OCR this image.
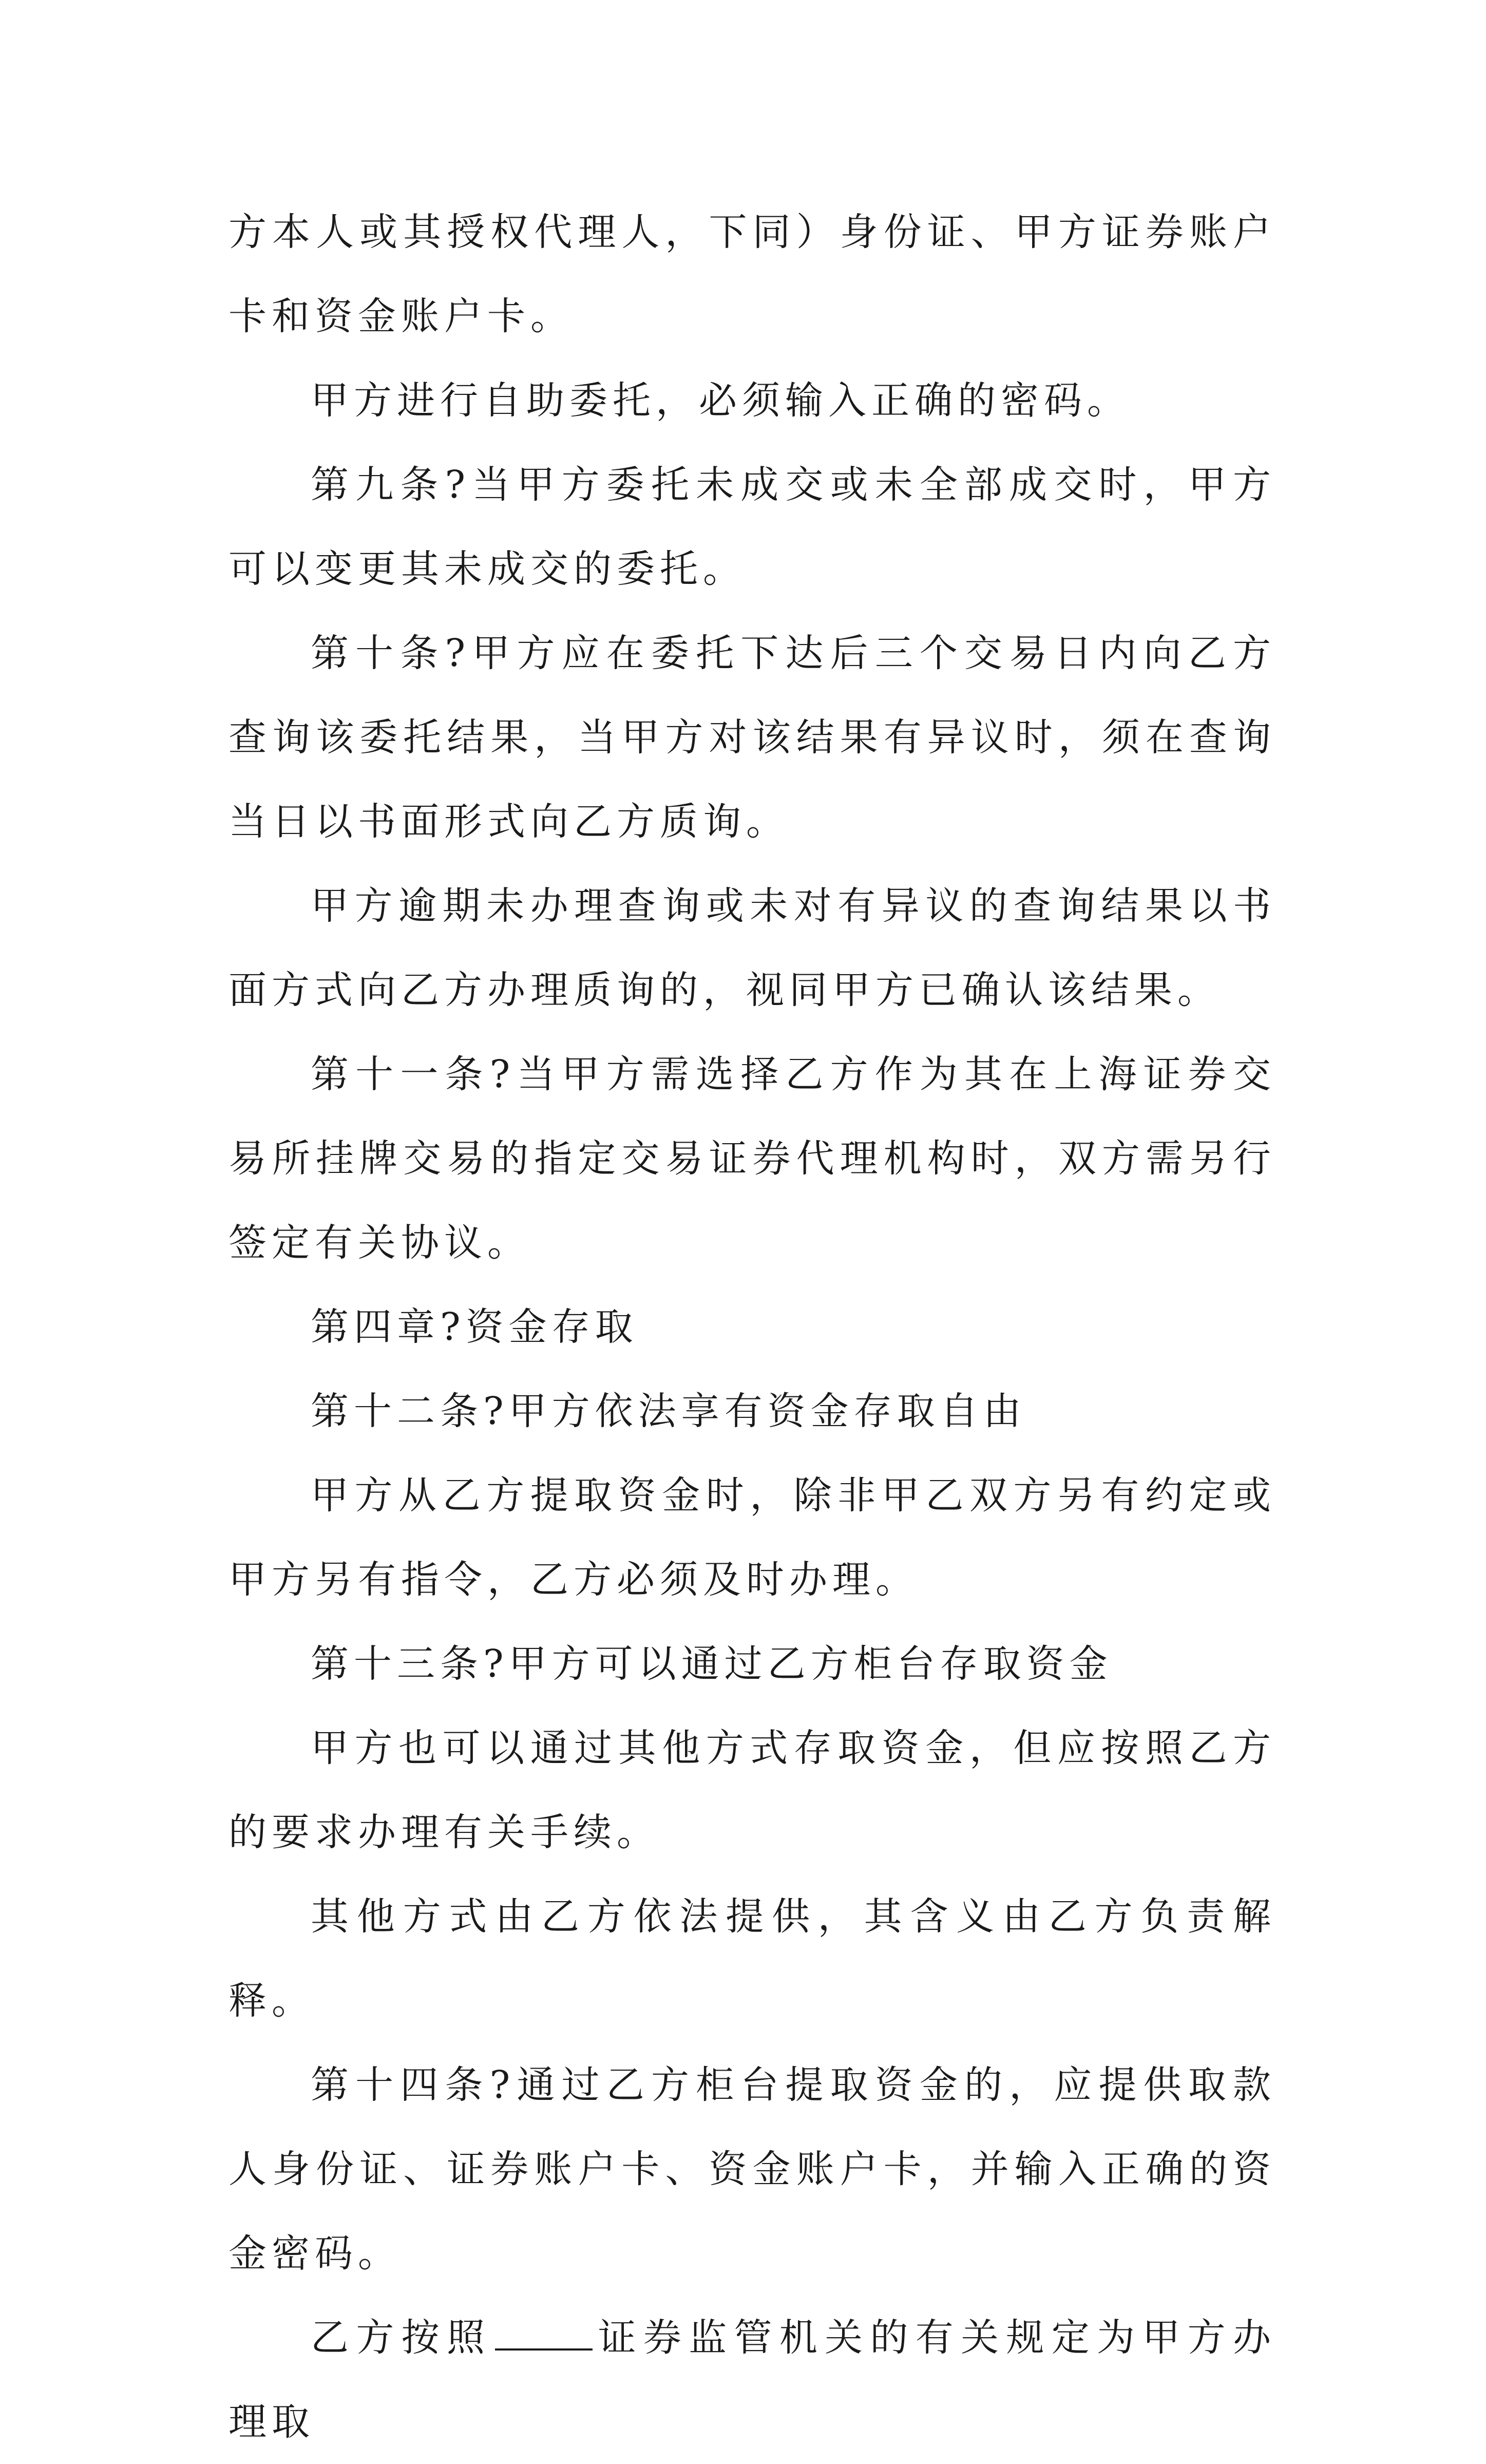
方本人或其授权代理人，下同）身份证、甲方证券账户卡和资金账户卡。

甲方进行自助委托，必须输入正确的密码。

第九条?当甲方委托未成交或未全部成交时，甲方可以变更其未成交的委托。

第十条?甲方应在委托下达后三个交易日内向乙方查询该委托结果，当甲方对该结果有异议时，须在查询当日以书面形式向乙方质询。

甲方逾期未办理查询或未对有异议的查询结果以书面方式向乙方办理质询的，视同甲方已确认该结果。

第十一条?当甲方需选择乙方作为其在上海证券交易所挂牌交易的指定交易证券代理机构时，双方需另行签定有关协议。

第四章?资金存取

第十二条?甲方依法享有资金存取自由

甲方从乙方提取资金时，除非甲乙双方另有约定或甲方另有指令，乙方必须及时办理。

第十三条?甲方可以通过乙方柜台存取资金

甲方也可以通过其他方式存取资金，但应按照乙方的要求办理有关手续。

其他方式由乙方依法提供，其含义由乙方负责解释。

第十四条?通过乙方柜台提取资金的，应提供取款人身份证、证券账户卡、资金账户卡，并输入正确的资金密码。

乙方按照	证券监管机关的有关规定为甲方办理取
